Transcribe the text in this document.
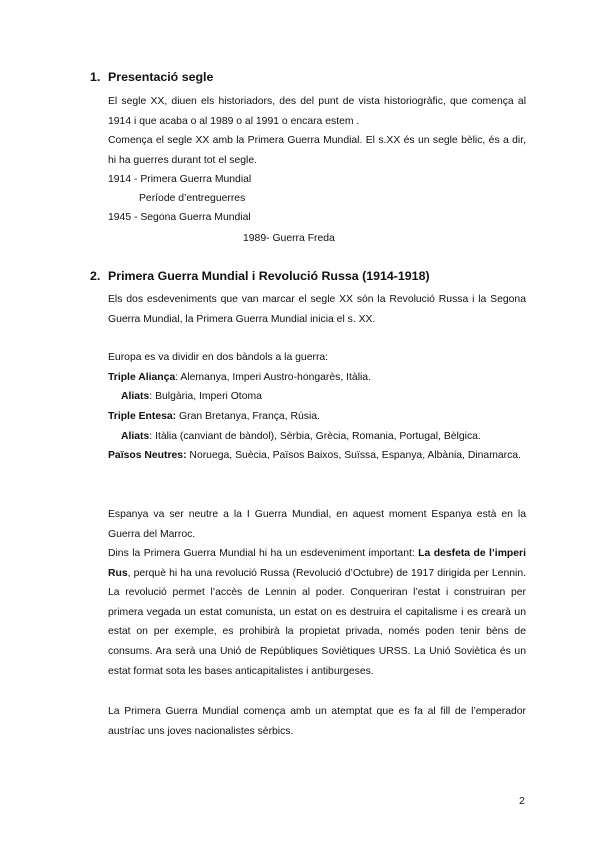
1. Presentació segle
El segle XX, diuen els historiadors, des del punt de vista historiogràfic, que comença al 1914 i que acaba o al 1989 o al 1991 o encara estem .
Comença el segle XX amb la Primera Guerra Mundial. El s.XX és un segle bèlic, és a dir, hi ha guerres durant tot el segle.
1914 - Primera Guerra Mundial
Període d’entreguerres
1945 - Segona Guerra Mundial
1989- Guerra Freda
2. Primera Guerra Mundial i Revolució Russa (1914-1918)
Els dos esdeveniments que van marcar el segle XX són la Revolució Russa i la Segona Guerra Mundial, la Primera Guerra Mundial inicia el s. XX.
Europa es va dividir en dos bàndols a la guerra:
Triple Aliança: Alemanya, Imperi Austro-hongarès, Itàlia.
Aliats: Bulgària, Imperi Otoma
Triple Entesa: Gran Bretanya, França, Rúsia.
Aliats: Itàlia (canviant de bàndol), Sèrbia, Grècia, Romania, Portugal, Bèlgica.
Països Neutres: Noruega, Suècia, Països Baixos, Suïssa, Espanya, Albània, Dinamarca.
Espanya va ser neutre a la I Guerra Mundial, en aquest moment Espanya està en la Guerra del Marroc.
Dins la Primera Guerra Mundial hi ha un esdeveniment important: La desfeta de l’imperi Rus, perquè hi ha una revolució Russa (Revolució d’Octubre) de 1917 dirigida per Lennin. La revolució permet l’accès de Lennin al poder. Conqueriran l’estat i construiran per primera vegada un estat comunista, un estat on es destruira el capitalisme i es crearà un estat on per exemple, es prohibirà la propietat privada, només poden tenir bèns de consums. Ara serà una Unió de Repúbliques Soviètiques URSS. La Unió Soviètica és un estat format sota les bases anticapitalistes i antiburgeses.
La Primera Guerra Mundial comença amb un atemptat que es fa al fill de l’emperador austríac uns joves nacionalistes sèrbics.
2
